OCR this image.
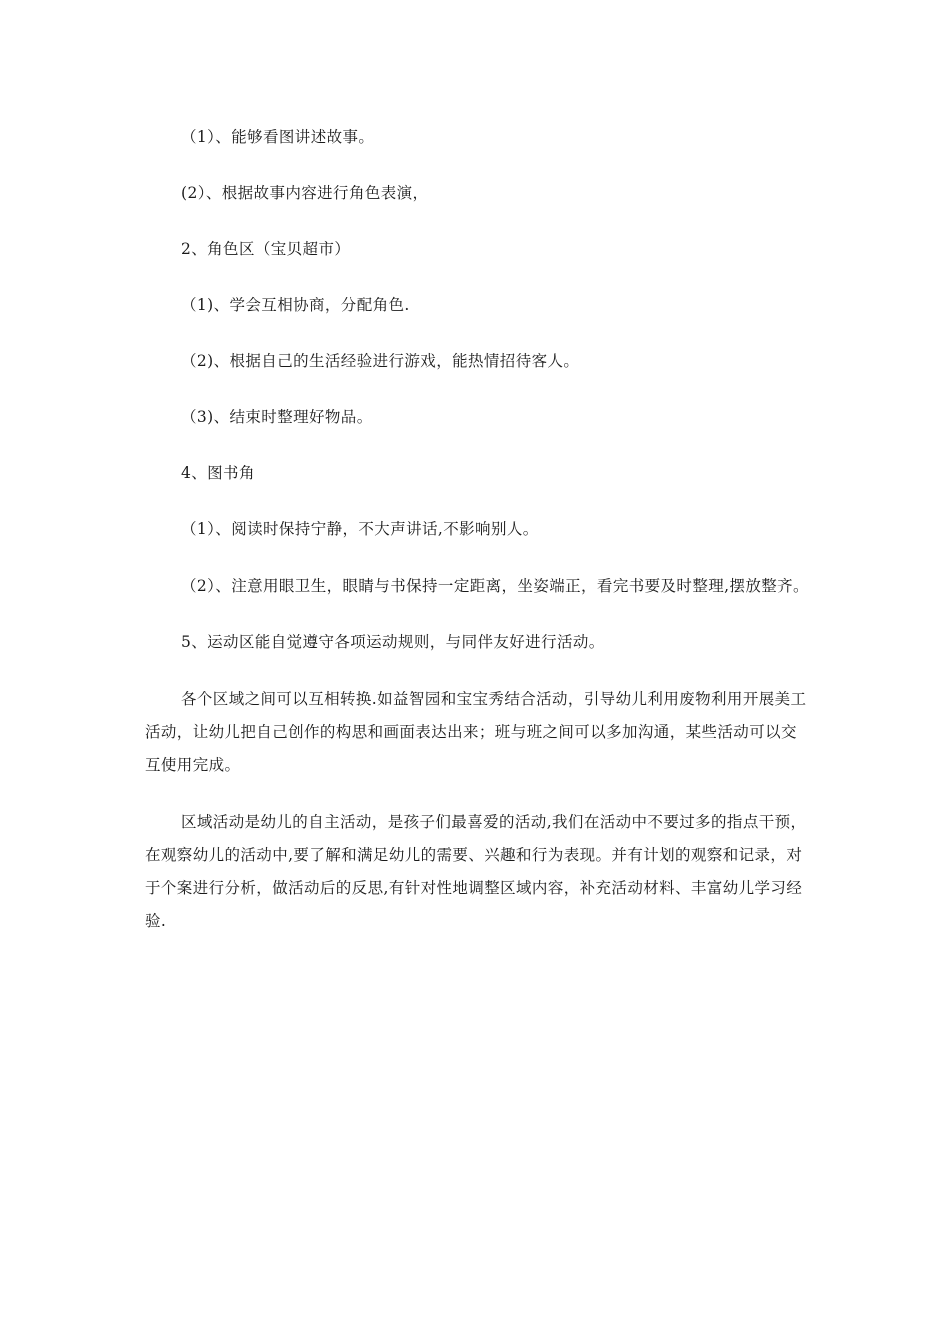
（1）、能够看图讲述故事。

(2）、根据故事内容进行角色表演，

2、角色区（宝贝超市）

（1)、学会互相协商，分配角色.

（2)、根据自己的生活经验进行游戏，能热情招待客人。

（3)、结束时整理好物品。

4、图书角

（1）、阅读时保持宁静，不大声讲话,不影响别人。

（2）、注意用眼卫生，眼睛与书保持一定距离，坐姿端正，看完书要及时整理,摆放整齐。

5、运动区能自觉遵守各项运动规则，与同伴友好进行活动。

各个区域之间可以互相转换.如益智园和宝宝秀结合活动，引导幼儿利用废物利用开展美工活动，让幼儿把自己创作的构思和画面表达出来；班与班之间可以多加沟通，某些活动可以交互使用完成。

区域活动是幼儿的自主活动，是孩子们最喜爱的活动,我们在活动中不要过多的指点干预，在观察幼儿的活动中,要了解和满足幼儿的需要、兴趣和行为表现。并有计划的观察和记录，对于个案进行分析，做活动后的反思,有针对性地调整区域内容，补充活动材料、丰富幼儿学习经验.
